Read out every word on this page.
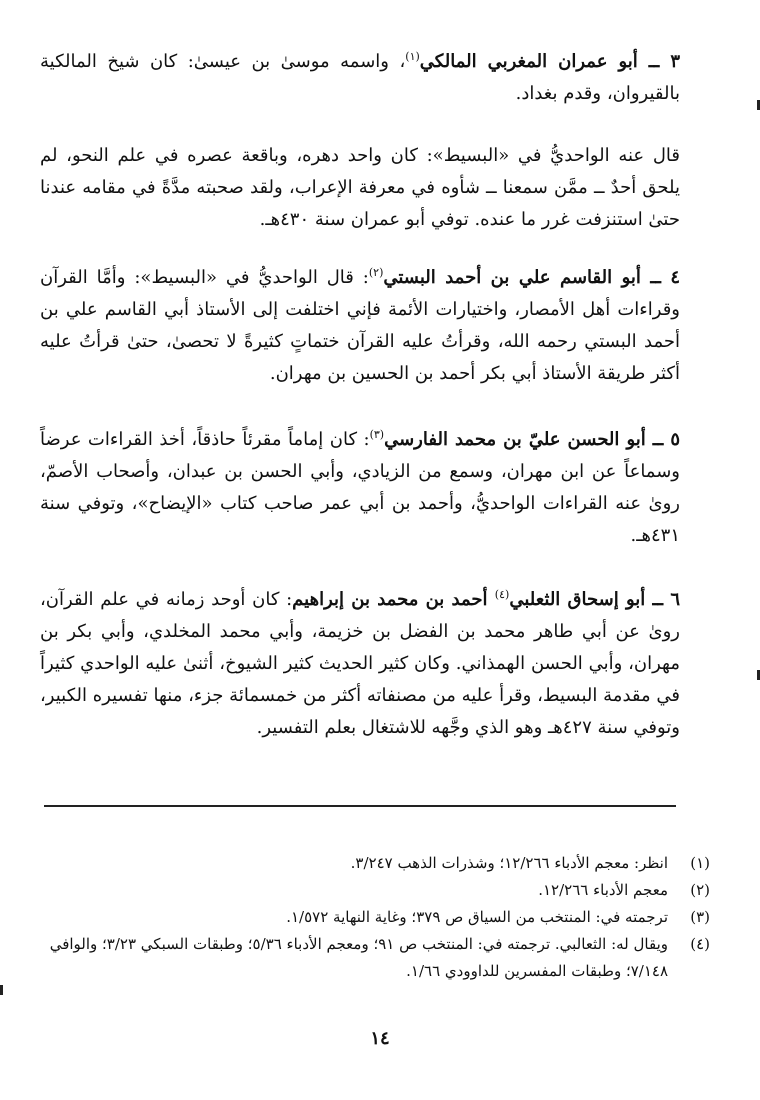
٣ ــ أبو عمران المغربي المالكي$^{(١)}$، واسمه موسىٰ بن عيسىٰ: كان شيخ المالكية بالقيروان، وقدم بغداد.
قال عنه الواحديُّ في «البسيط»: كان واحد دهره، وباقعة عصره في علم النحو، لم يلحق أحدٌ ــ ممَّن سمعنا ــ شأوه في معرفة الإعراب، ولقد صحبته مدَّةً في مقامه عندنا حتىٰ استنزفت غرر ما عنده. توفي أبو عمران سنة ٤٣٠هـ.
٤ ــ أبو القاسم علي بن أحمد البستي$^{(٢)}$: قال الواحديُّ في «البسيط»: وأمَّا القرآن وقراءات أهل الأمصار، واختيارات الأئمة فإني اختلفت إلى الأستاذ أبي القاسم علي بن أحمد البستي رحمه الله، وقرأتُ عليه القرآن ختماتٍ كثيرةً لا تحصىٰ، حتىٰ قرأتُ عليه أكثر طريقة الأستاذ أبي بكر أحمد بن الحسين بن مهران.
٥ ــ أبو الحسن عليّ بن محمد الفارسي$^{(٣)}$: كان إماماً مقرئاً حاذقاً، أخذ القراءات عرضاً وسماعاً عن ابن مهران، وسمع من الزيادي، وأبي الحسن بن عبدان، وأصحاب الأصمّ، روىٰ عنه القراءات الواحديُّ، وأحمد بن أبي عمر صاحب كتاب «الإيضاح»، وتوفي سنة ٤٣١هـ.
٦ ــ أبو إسحاق الثعلبي$^{(٤)}$ أحمد بن محمد بن إبراهيم: كان أوحد زمانه في علم القرآن، روىٰ عن أبي طاهر محمد بن الفضل بن خزيمة، وأبي محمد المخلدي، وأبي بكر بن مهران، وأبي الحسن الهمذاني. وكان كثير الحديث كثير الشيوخ، أثنىٰ عليه الواحدي كثيراً في مقدمة البسيط، وقرأ عليه من مصنفاته أكثر من خمسمائة جزء، منها تفسيره الكبير، وتوفي سنة ٤٢٧هـ وهو الذي وجَّهه للاشتغال بعلم التفسير.
(١)
انظر: معجم الأدباء ١٢/٢٦٦؛ وشذرات الذهب ٣/٢٤٧.
(٢)
معجم الأدباء ١٢/٢٦٦.
(٣)
ترجمته في: المنتخب من السياق ص ٣٧٩؛ وغاية النهاية ١/٥٧٢.
(٤)
ويقال له: الثعالبي. ترجمته في: المنتخب ص ٩١؛ ومعجم الأدباء ٥/٣٦؛ وطبقات السبكي ٣/٢٣؛ والوافي ٧/١٤٨؛ وطبقات المفسرين للداوودي ١/٦٦.
١٤
